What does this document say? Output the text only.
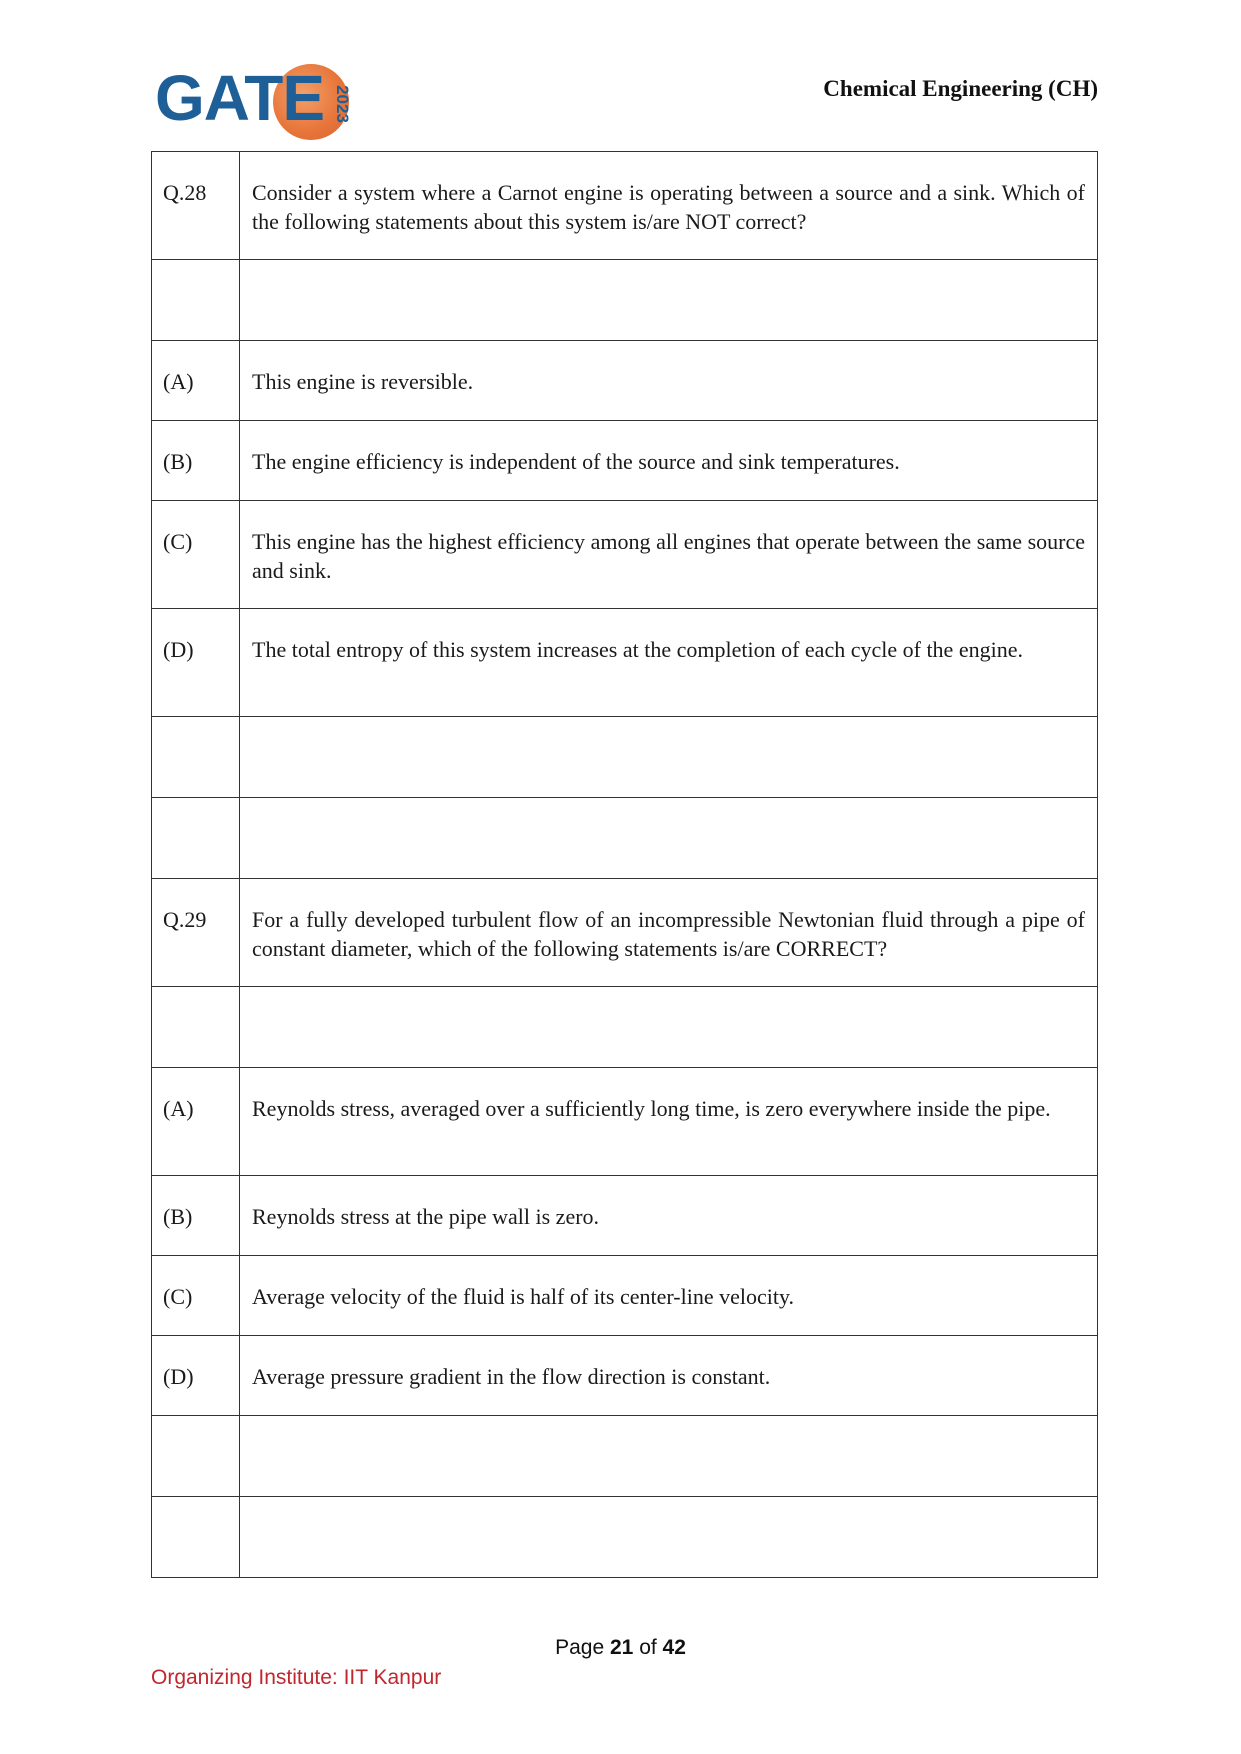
GATE 2023	Chemical Engineering (CH)
Q.28	Consider a system where a Carnot engine is operating between a source and a sink. Which of the following statements about this system is/are NOT correct?

(A)	This engine is reversible.
(B)	The engine efficiency is independent of the source and sink temperatures.
(C)	This engine has the highest efficiency among all engines that operate between the same source and sink.
(D)	The total entropy of this system increases at the completion of each cycle of the engine.

Q.29	For a fully developed turbulent flow of an incompressible Newtonian fluid through a pipe of constant diameter, which of the following statements is/are CORRECT?

(A)	Reynolds stress, averaged over a sufficiently long time, is zero everywhere inside the pipe.
(B)	Reynolds stress at the pipe wall is zero.
(C)	Average velocity of the fluid is half of its center-line velocity.
(D)	Average pressure gradient in the flow direction is constant.

Page 21 of 42
Organizing Institute: IIT Kanpur
